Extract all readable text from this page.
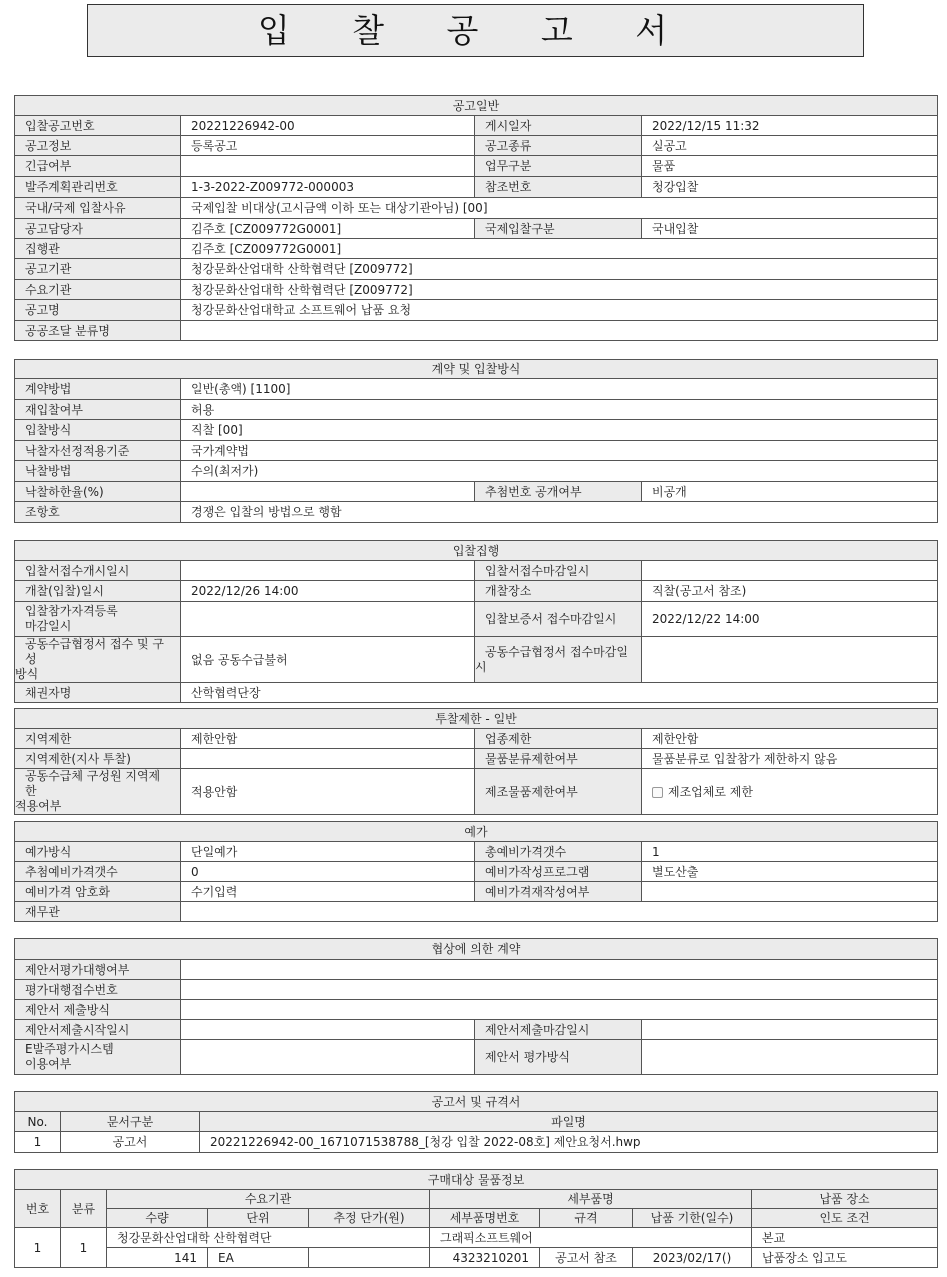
입 찰 공 고 서
공고일반			
입찰공고번호	20221226942-00	게시일자	2022/12/15 11:32
공고정보	등록공고	공고종류	실공고
긴급여부		업무구분	물품
발주계획관리번호	1-3-2022-Z009772-000003	참조번호	청강입찰
국내/국제 입찰사유	국제입찰 비대상(고시금액 이하 또는 대상기관아님) [00]		
공고담당자	김주호 [CZ009772G0001]	국제입찰구분	국내입찰
집행관	김주호 [CZ009772G0001]		
공고기관	청강문화산업대학 산학협력단 [Z009772]		
수요기관	청강문화산업대학 산학협력단 [Z009772]		
공고명	청강문화산업대학교 소프트웨어 납품 요청		
공공조달 분류명			
계약 및 입찰방식			
계약방법	일반(총액) [1100]		
재입찰여부	허용		
입찰방식	직찰 [00]		
낙찰자선정적용기준	국가계약법		
낙찰방법	수의(최저가)		
낙찰하한율(%)		추첨번호 공개여부	비공개
조항호	경쟁은 입찰의 방법으로 행함		
입찰집행			
입찰서접수개시일시		입찰서접수마감일시	
개찰(입찰)일시	2022/12/26 14:00	개찰장소	직찰(공고서 참조)

입찰참가자격등록
마감일시		입찰보증서 접수마감일시	2022/12/22 14:00

공동수급협정서 접수 및 구성
방식	없음 공동수급불허	공동수급협정서 접수마감일
시	

채권자명	산학협력단장		
투찰제한 - 일반			
지역제한	제한안함	업종제한	제한안함
지역제한(지사 투찰)		물품분류제한여부	물품분류로 입찰참가 제한하지 않음

공동수급체 구성원 지역제한
적용여부	적용안함	제조물품제한여부	제조업체로 제한
예가			
예가방식	단일예가	총예비가격갯수	1
추첨예비가격갯수	0	예비가작성프로그램	별도산출
예비가격 암호화	수기입력	예비가격재작성여부	
재무관			
협상에 의한 계약			
제안서평가대행여부			
평가대행접수번호			
제안서 제출방식			
제안서제출시작일시		제안서제출마감일시	

E발주평가시스템
이용여부		제안서 평가방식	
공고서 및 규격서		
No.	문서구분	파일명
1	공고서	20221226942-00_1671071538788_[청강 입찰 2022-08호] 제안요청서.hwp
구매대상 물품정보								
번호	분류	수요기관			세부품명			납품 장소
		수량	단위	추정 단가(원)	세부품명번호	규격	납품 기한(일수)	인도 조건
1	1	청강문화산업대학 산학협력단			그래픽소프트웨어			본교
		141	EA		4323210201	공고서 참조	2023/02/17()	납품장소 입고도
